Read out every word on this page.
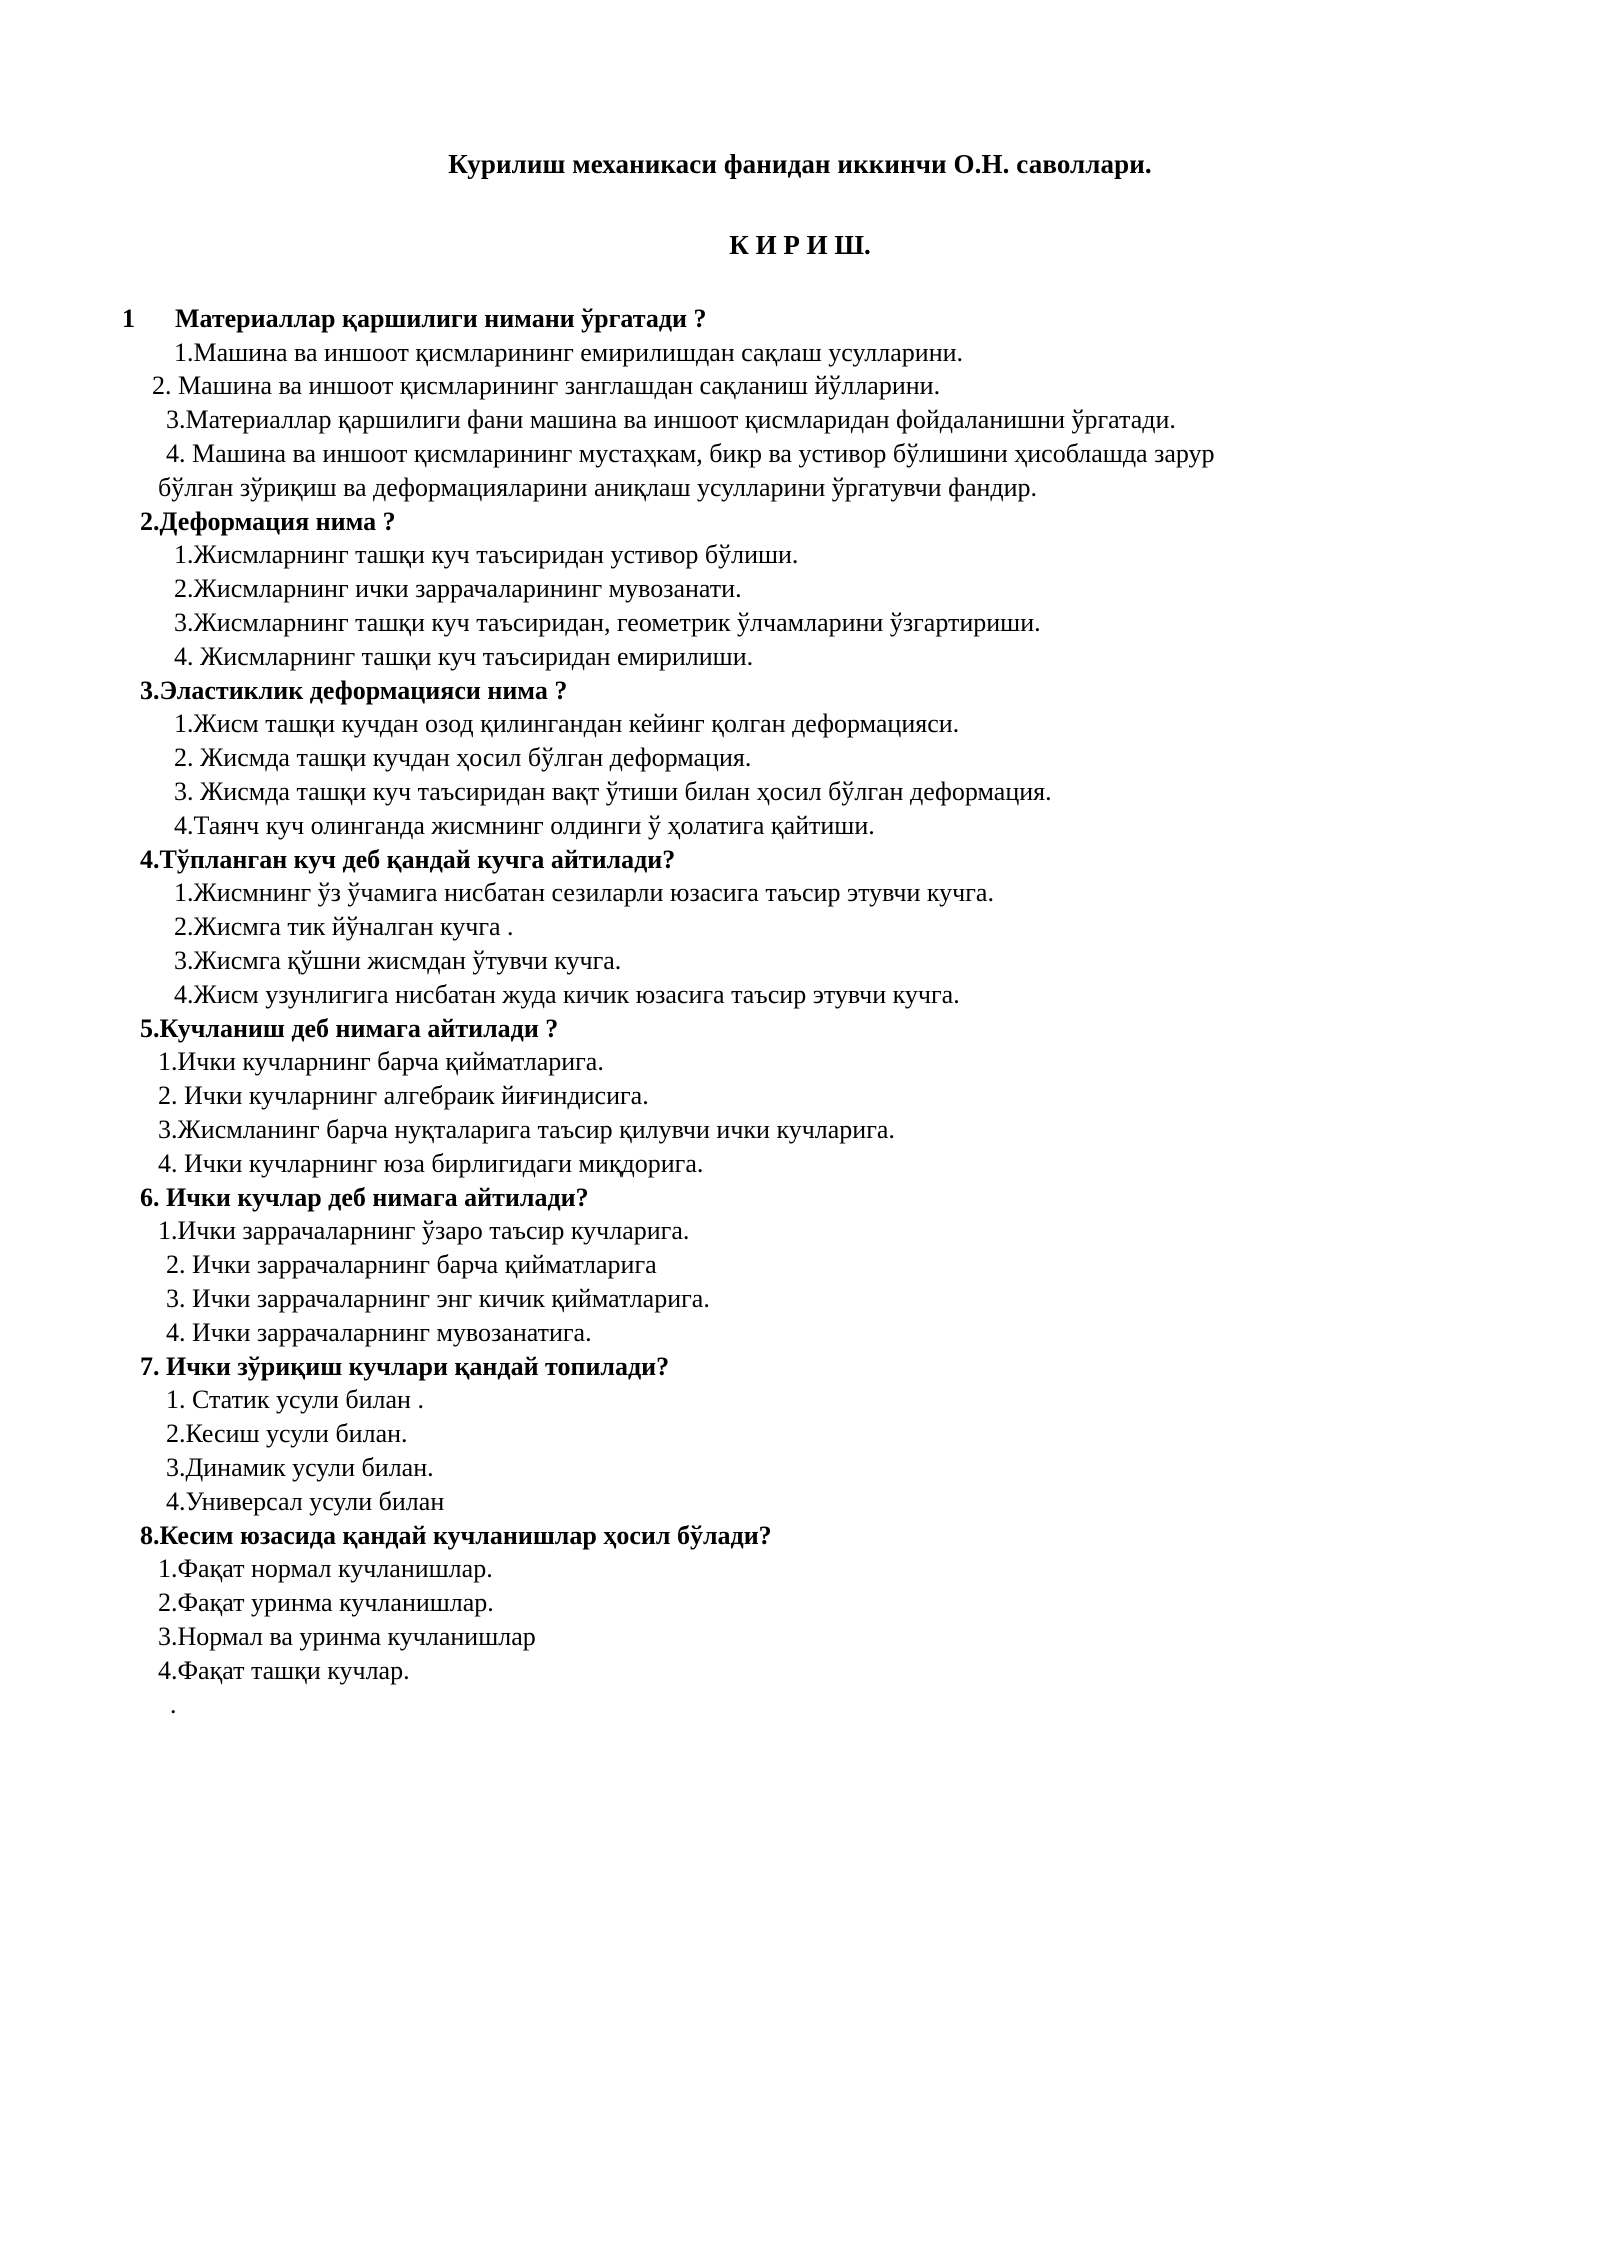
Курилиш механикаси фанидан иккинчи О.Н. саволлари.
К И Р И Ш.
1 Материаллар қаршилиги нимани ўргатади ?
1.Машина ва иншоот қисмларининг емирилишдан сақлаш усулларини.
2. Машина ва иншоот қисмларининг занглашдан сақланиш йўлларини.
3.Материаллар қаршилиги фани машина ва иншоот қисмларидан фойдаланишни ўргатади.
4. Машина ва иншоот қисмларининг мустаҳкам, бикр ва устивор бўлишини ҳисоблашда зарур
бўлган зўриқиш ва деформацияларини аниқлаш усулларини ўргатувчи фандир.
2.Деформация нима ?
1.Жисмларнинг ташқи куч таъсиридан устивор бўлиши.
2.Жисмларнинг ички заррачаларининг мувозанати.
3.Жисмларнинг ташқи куч таъсиридан, геометрик ўлчамларини ўзгартириши.
4. Жисмларнинг ташқи куч таъсиридан емирилиши.
3.Эластиклик деформацияси нима ?
1.Жисм ташқи кучдан озод қилингандан кейинг қолган деформацияси.
2. Жисмда ташқи кучдан ҳосил бўлган деформация.
3. Жисмда ташқи куч таъсиридан вақт ўтиши билан ҳосил бўлган деформация.
4.Таянч куч олинганда жисмнинг олдинги ў ҳолатига қайтиши.
4.Тўпланган куч деб қандай кучга айтилади?
1.Жисмнинг ўз ўчамига нисбатан сезиларли юзасига таъсир этувчи кучга.
2.Жисмга тик йўналган кучга .
3.Жисмга қўшни жисмдан ўтувчи кучга.
4.Жисм узунлигига нисбатан жуда кичик юзасига таъсир этувчи кучга.
5.Кучланиш деб нимага айтилади ?
1.Ички кучларнинг барча қийматларига.
2. Ички кучларнинг алгебраик йиғиндисига.
3.Жисмланинг барча нуқталарига таъсир қилувчи ички кучларига.
4. Ички кучларнинг юза бирлигидаги миқдорига.
6. Ички кучлар деб нимага айтилади?
1.Ички заррачаларнинг ўзаро таъсир кучларига.
2. Ички заррачаларнинг барча қийматларига
3. Ички заррачаларнинг энг кичик қийматларига.
4. Ички заррачаларнинг мувозанатига.
7. Ички зўриқиш кучлари қандай топилади?
1. Статик усули билан .
2.Кесиш усули билан.
3.Динамик усули билан.
4.Универсал усули билан
8.Кесим юзасида қандай кучланишлар ҳосил бўлади?
1.Фақат нормал кучланишлар.
2.Фақат уринма кучланишлар.
3.Нормал ва уринма кучланишлар
4.Фақат ташқи кучлар.
.
